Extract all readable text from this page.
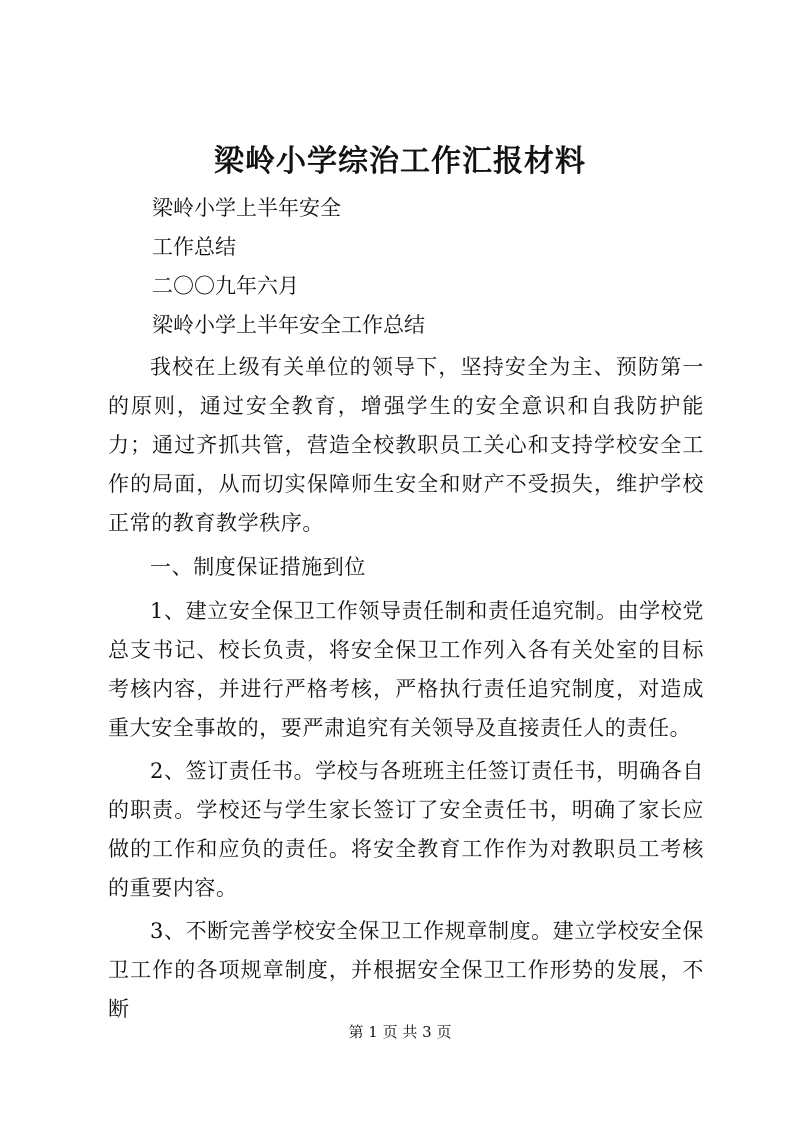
梁岭小学综治工作汇报材料
梁岭小学上半年安全
工作总结
二〇〇九年六月
梁岭小学上半年安全工作总结

我校在上级有关单位的领导下，坚持安全为主、预防第一的原则，通过安全教育，增强学生的安全意识和自我防护能力；通过齐抓共管，营造全校教职员工关心和支持学校安全工作的局面，从而切实保障师生安全和财产不受损失，维护学校正常的教育教学秩序。

一、制度保证措施到位

1、建立安全保卫工作领导责任制和责任追究制。由学校党总支书记、校长负责，将安全保卫工作列入各有关处室的目标考核内容，并进行严格考核，严格执行责任追究制度，对造成重大安全事故的，要严肃追究有关领导及直接责任人的责任。

2、签订责任书。学校与各班班主任签订责任书，明确各自的职责。学校还与学生家长签订了安全责任书，明确了家长应做的工作和应负的责任。将安全教育工作作为对教职员工考核的重要内容。

3、不断完善学校安全保卫工作规章制度。建立学校安全保卫工作的各项规章制度，并根据安全保卫工作形势的发展，不断

第 1 页 共 3 页
